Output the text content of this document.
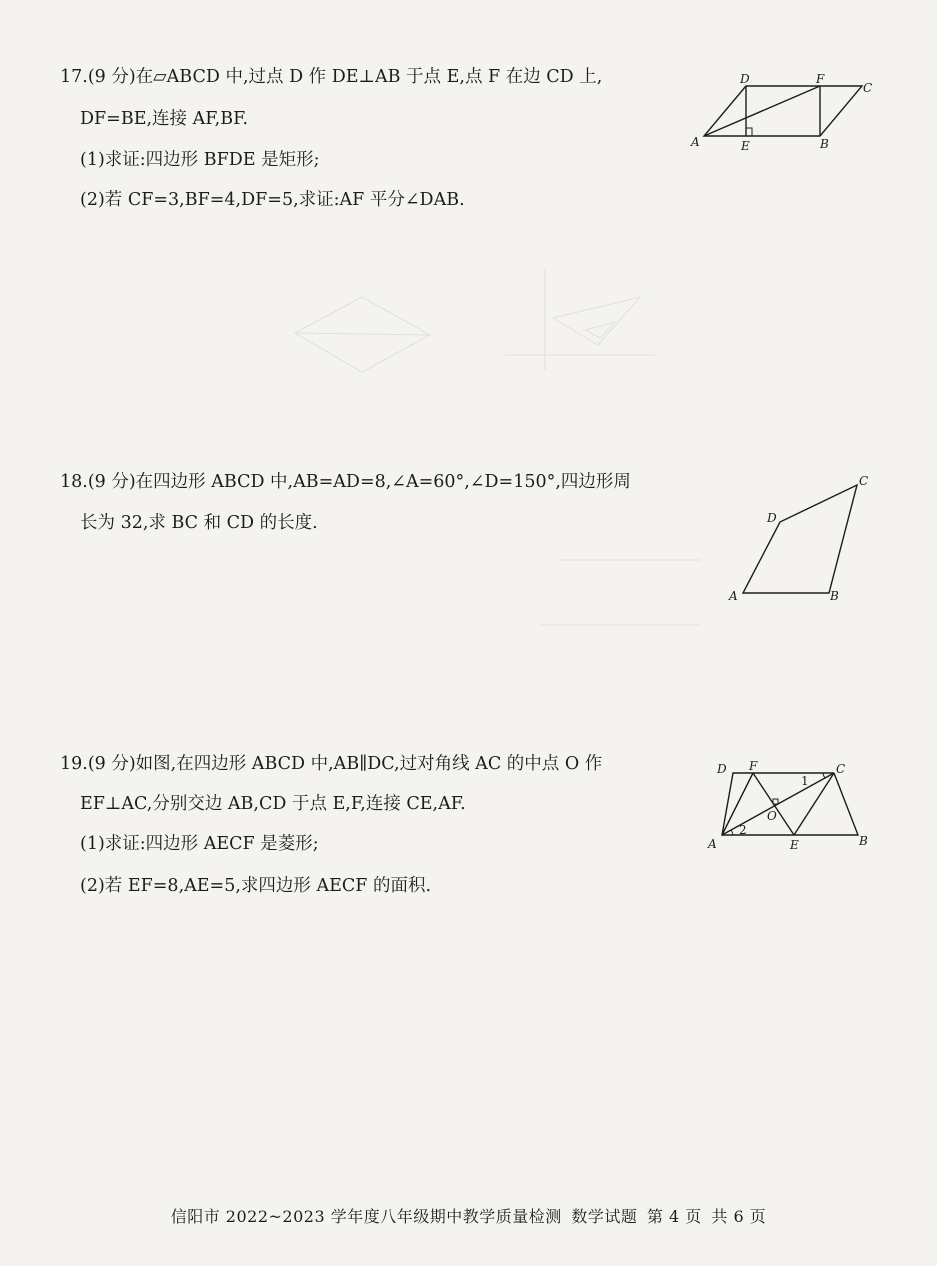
17.(9 分)在▱ABCD 中,过点 D 作 DE⊥AB 于点 E,点 F 在边 CD 上,
DF=BE,连接 AF,BF.
(1)求证:四边形 BFDE 是矩形;
(2)若 CF=3,BF=4,DF=5,求证:AF 平分∠DAB.
A	E	B
C
D	F
18.(9 分)在四边形 ABCD 中,AB=AD=8,∠A=60°,∠D=150°,四边形周
长为 32,求 BC 和 CD 的长度.
A	B
C
D
19.(9 分)如图,在四边形 ABCD 中,AB∥DC,过对角线 AC 的中点 O 作
EF⊥AC,分别交边 AB,CD 于点 E,F,连接 CE,AF.
(1)求证:四边形 AECF 是菱形;
(2)若 EF=8,AE=5,求四边形 AECF 的面积.
A	E	B
C
D F
O
1
2
信阳市 2022~2023 学年度八年级期中教学质量检测 数学试题 第 4 页 共 6 页
